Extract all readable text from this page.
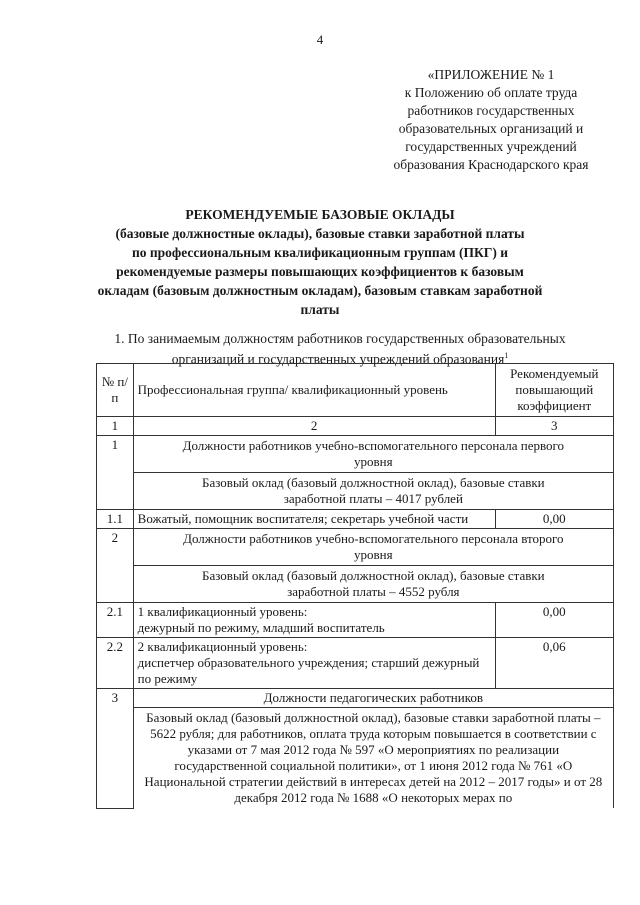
4
«ПРИЛОЖЕНИЕ № 1
к Положению об оплате труда
работников государственных
образовательных организаций и
государственных учреждений
образования Краснодарского края
РЕКОМЕНДУЕМЫЕ БАЗОВЫЕ ОКЛАДЫ
(базовые должностные оклады), базовые ставки заработной платы
по профессиональным квалификационным группам (ПКГ) и
рекомендуемые размеры повышающих коэффициентов к базовым
окладам (базовым должностным окладам), базовым ставкам заработной
платы
1. По занимаемым должностям работников государственных образовательных
организаций и государственных учреждений образования$^1$
№ п/п	Профессиональная группа/ квалификационный уровень	Рекомендуемый повышающий коэффициент
1	2	3
1	Должности работников учебно-вспомогательного персонала первого уровня	
	Базовый оклад (базовый должностной оклад), базовые ставки заработной платы – 4017 рублей	
1.1	Вожатый, помощник воспитателя; секретарь учебной части	0,00
2	Должности работников учебно-вспомогательного персонала второго уровня	
	Базовый оклад (базовый должностной оклад), базовые ставки заработной платы – 4552 рубля	
2.1	1 квалификационный уровень:
дежурный по режиму, младший воспитатель	0,00
2.2	2 квалификационный уровень:
диспетчер образовательного учреждения; старший дежурный по режиму	0,06
3	Должности педагогических работников	
	Базовый оклад (базовый должностной оклад), базовые ставки заработной платы – 5622 рубля; для работников, оплата труда которым повышается в соответствии с указами от 7 мая 2012 года № 597 «О мероприятиях по реализации государственной социальной политики», от 1 июня 2012 года № 761 «О Национальной стратегии действий в интересах детей на 2012 – 2017 годы» и от 28 декабря 2012 года № 1688 «О некоторых мерах по	
